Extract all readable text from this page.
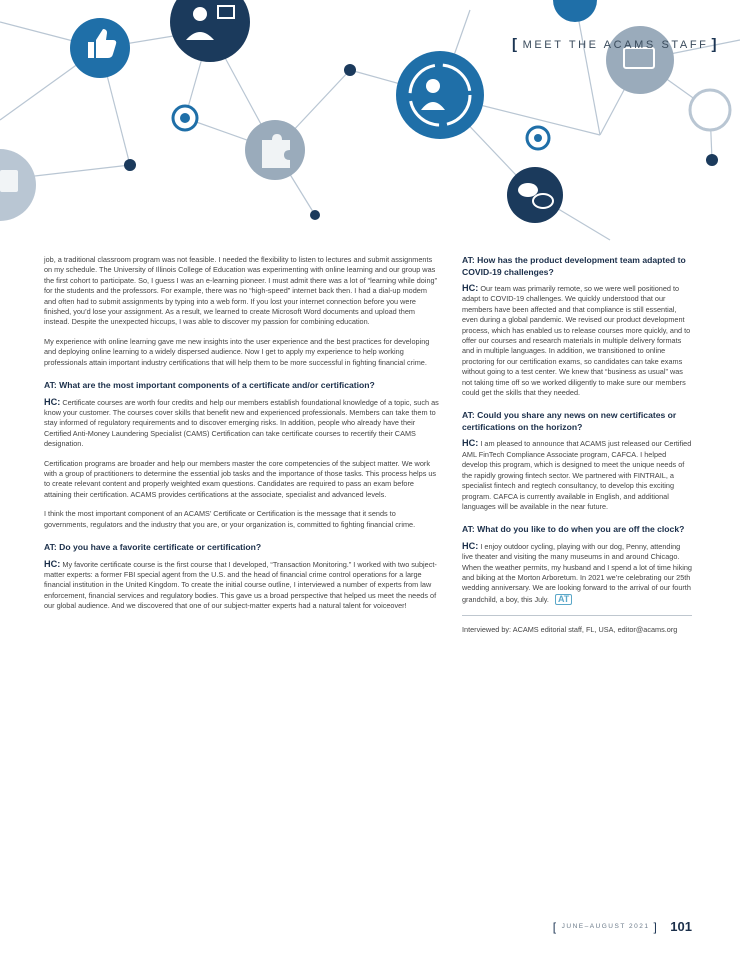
[ MEET THE ACAMS STAFF ]

job, a traditional classroom program was not feasible. I needed the flexibility to listen to lectures and submit assignments on my schedule. The University of Illinois College of Education was experimenting with online learning and our group was the first cohort to participate. So, I guess I was an e-learning pioneer. I must admit there was a lot of “learning while doing” for the students and the professors. For example, there was no “high-speed” internet back then. I had a dial-up modem and often had to submit assignments by typing into a web form. If you lost your internet connection before you were finished, you’d lose your assignment. As a result, we learned to create Microsoft Word documents and upload them instead. Despite the unexpected hiccups, I was able to discover my passion for combining education.

My experience with online learning gave me new insights into the user experience and the best practices for developing and deploying online learning to a widely dispersed audience. Now I get to apply my experience to help working professionals attain important industry certifications that will help them to be more successful in fighting financial crime.

AT: What are the most important components of a certificate and/or certification?

HC: Certificate courses are worth four credits and help our members establish foundational knowledge of a topic, such as know your customer. The courses cover skills that benefit new and experienced professionals. Members can take them to stay informed of regulatory requirements and to discover emerging risks. In addition, people who already have their Certified Anti-Money Laundering Specialist (CAMS) Certification can take certificate courses to recertify their CAMS designation.

Certification programs are broader and help our members master the core competencies of the subject matter. We work with a group of practitioners to determine the essential job tasks and the importance of those tasks. This process helps us to create relevant content and properly weighted exam questions. Candidates are required to pass an exam before attaining their certification. ACAMS provides certifications at the associate, specialist and advanced levels.

I think the most important component of an ACAMS’ Certificate or Certification is the message that it sends to governments, regulators and the industry that you are, or your organization is, committed to fighting financial crime.

AT: Do you have a favorite certificate or certification?

HC: My favorite certificate course is the first course that I developed, “Transaction Monitoring.” I worked with two subject-matter experts: a former FBI special agent from the U.S. and the head of financial crime control operations for a large financial institution in the United Kingdom. To create the initial course outline, I interviewed a number of experts from law enforcement, financial services and regulatory bodies. This gave us a broad perspective that helped us meet the needs of our global audience. And we discovered that one of our subject-matter experts had a natural talent for voiceover!

AT: How has the product development team adapted to COVID-19 challenges?

HC: Our team was primarily remote, so we were well positioned to adapt to COVID-19 challenges. We quickly understood that our members have been affected and that compliance is still essential, even during a global pandemic. We revised our product development process, which has enabled us to release courses more quickly, and to offer our courses and research materials in multiple delivery formats and in multiple languages. In addition, we transitioned to online proctoring for our certification exams, so candidates can take exams without going to a test center. We knew that “business as usual” was not taking time off so we worked diligently to make sure our members could get the skills that they needed.

AT: Could you share any news on new certificates or certifications on the horizon?

HC: I am pleased to announce that ACAMS just released our Certified AML FinTech Compliance Associate program, CAFCA. I helped develop this program, which is designed to meet the unique needs of the rapidly growing fintech sector. We partnered with FINTRAIL, a specialist fintech and regtech consultancy, to develop this exciting program. CAFCA is currently available in English, and additional languages will be available in the near future.

AT: What do you like to do when you are off the clock?

HC: I enjoy outdoor cycling, playing with our dog, Penny, attending live theater and visiting the many museums in and around Chicago. When the weather permits, my husband and I spend a lot of time hiking and biking at the Morton Arboretum. In 2021 we’re celebrating our 25th wedding anniversary. We are looking forward to the arrival of our fourth grandchild, a boy, this July. AT

Interviewed by: ACAMS editorial staff, FL, USA, editor@acams.org
[ JUNE–AUGUST 2021 ] 101
